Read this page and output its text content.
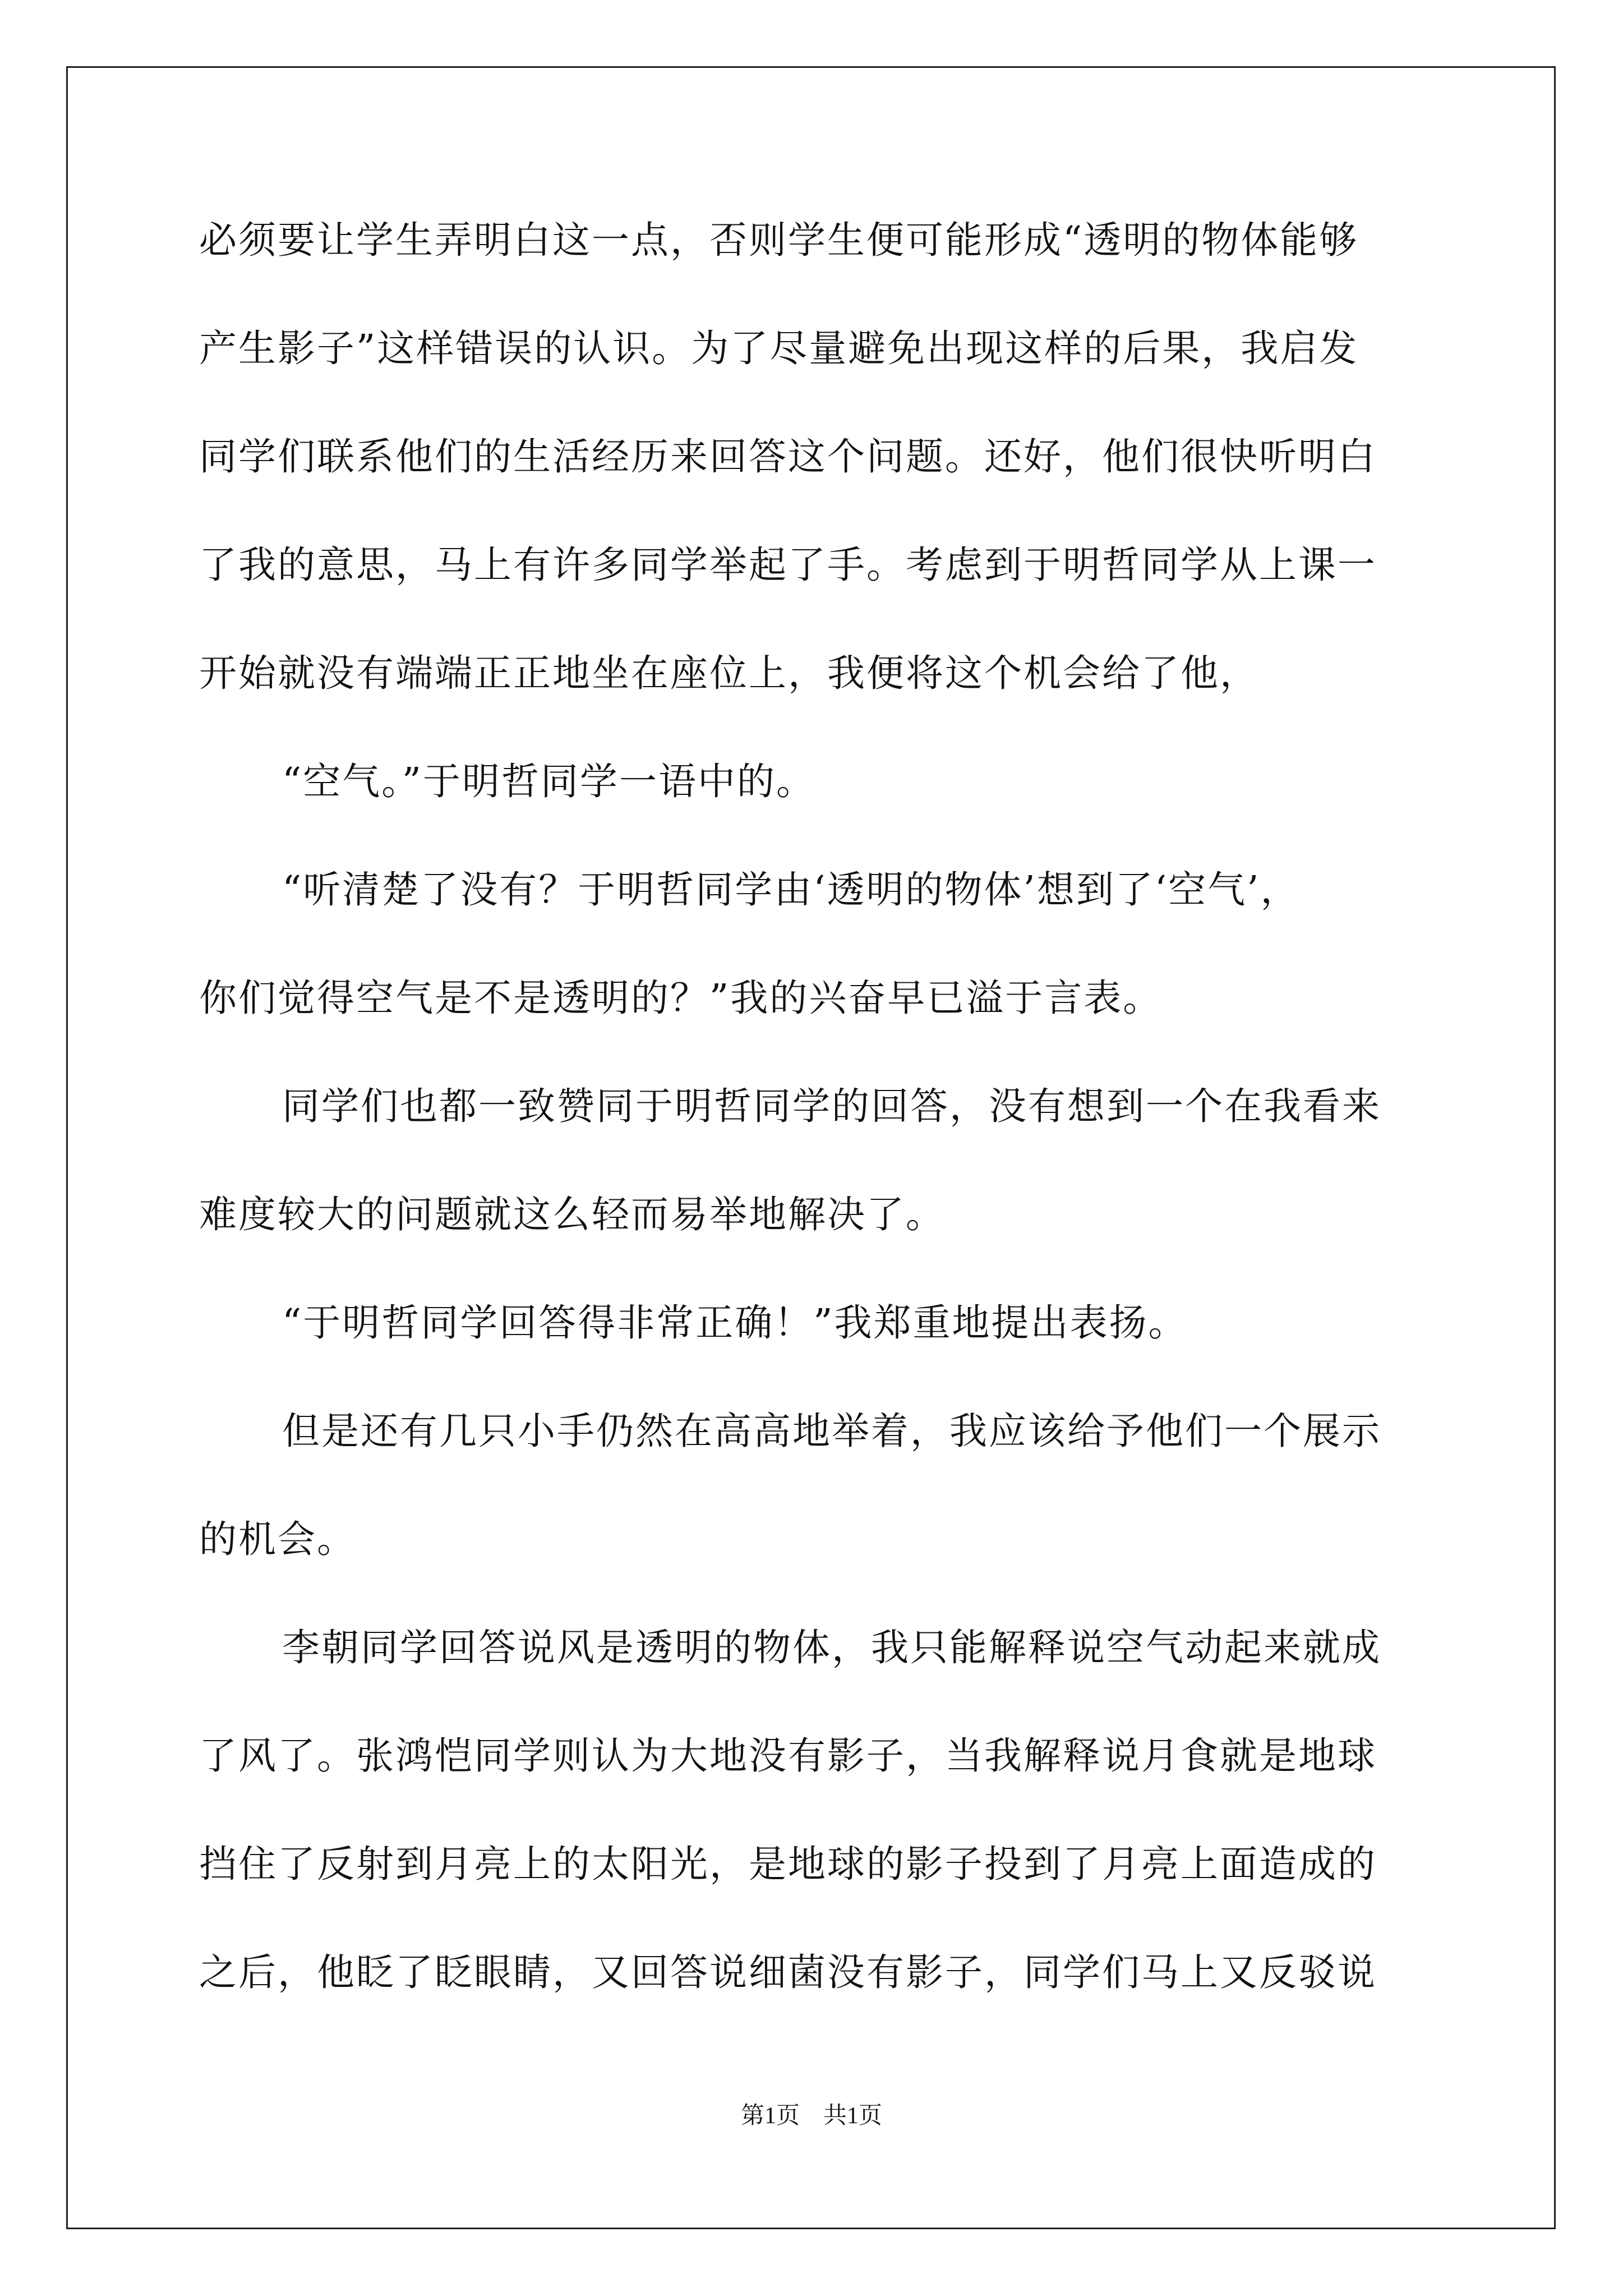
必须要让学生弄明白这一点，否则学生便可能形成“透明的物体能够
产生影子”这样错误的认识。为了尽量避免出现这样的后果，我启发
同学们联系他们的生活经历来回答这个问题。还好，他们很快听明白
了我的意思，马上有许多同学举起了手。考虑到于明哲同学从上课一
开始就没有端端正正地坐在座位上，我便将这个机会给了他，
“空气。”于明哲同学一语中的。
“听清楚了没有？于明哲同学由‘透明的物体’想到了‘空气’，
你们觉得空气是不是透明的？”我的兴奋早已溢于言表。
同学们也都一致赞同于明哲同学的回答，没有想到一个在我看来
难度较大的问题就这么轻而易举地解决了。
“于明哲同学回答得非常正确！”我郑重地提出表扬。
但是还有几只小手仍然在高高地举着，我应该给予他们一个展示
的机会。
李朝同学回答说风是透明的物体，我只能解释说空气动起来就成
了风了。张鸿恺同学则认为大地没有影子，当我解释说月食就是地球
挡住了反射到月亮上的太阳光，是地球的影子投到了月亮上面造成的
之后，他眨了眨眼睛，又回答说细菌没有影子，同学们马上又反驳说
第1页　共1页
